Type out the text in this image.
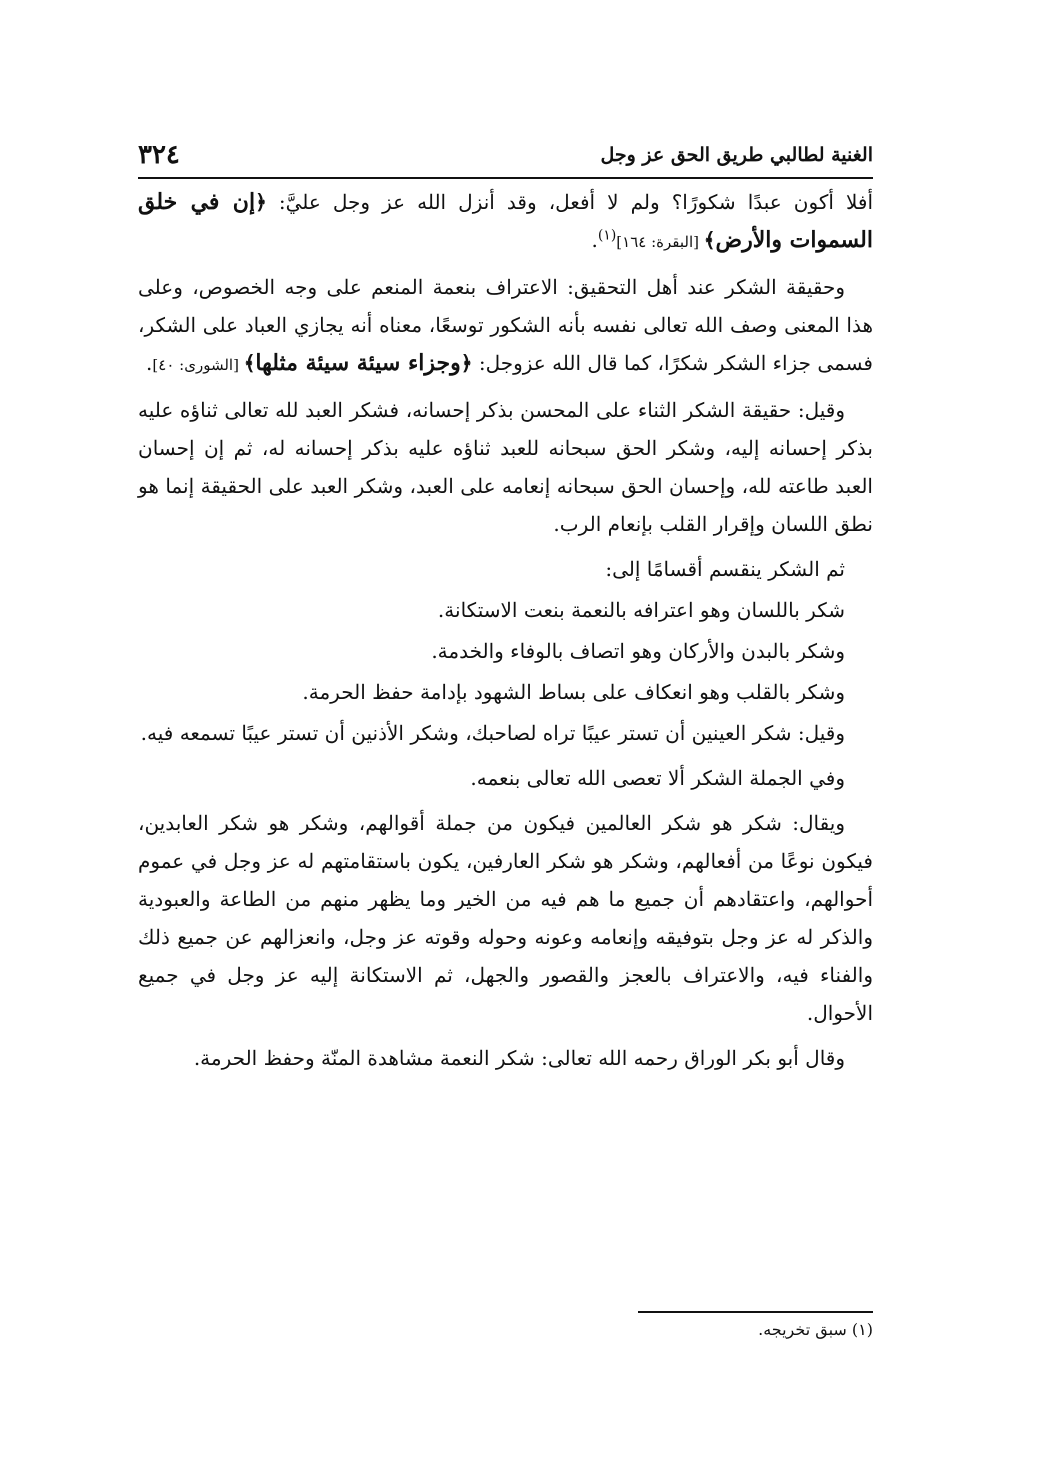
الغنية لطالبي طريق الحق عز وجل
٣٢٤

أفلا أكون عبدًا شكورًا؟ ولم لا أفعل، وقد أنزل الله عز وجل عليَّ: ﴿إن في خلق السموات والأرض﴾ [البقرة: ١٦٤]$^{(١)}$.

وحقيقة الشكر عند أهل التحقيق: الاعتراف بنعمة المنعم على وجه الخصوص، وعلى هذا المعنى وصف الله تعالى نفسه بأنه الشكور توسعًا، معناه أنه يجازي العباد على الشكر، فسمى جزاء الشكر شكرًا، كما قال الله عزوجل: ﴿وجزاء سيئة سيئة مثلها﴾ [الشورى: ٤٠].

وقيل: حقيقة الشكر الثناء على المحسن بذكر إحسانه، فشكر العبد لله تعالى ثناؤه عليه بذكر إحسانه إليه، وشكر الحق سبحانه للعبد ثناؤه عليه بذكر إحسانه له، ثم إن إحسان العبد طاعته لله، وإحسان الحق سبحانه إنعامه على العبد، وشكر العبد على الحقيقة إنما هو نطق اللسان وإقرار القلب بإنعام الرب.

ثم الشكر ينقسم أقسامًا إلى:

شكر باللسان وهو اعترافه بالنعمة بنعت الاستكانة.

وشكر بالبدن والأركان وهو اتصاف بالوفاء والخدمة.

وشكر بالقلب وهو انعكاف على بساط الشهود بإدامة حفظ الحرمة.

وقيل: شكر العينين أن تستر عيبًا تراه لصاحبك، وشكر الأذنين أن تستر عيبًا تسمعه فيه.

وفي الجملة الشكر ألا تعصى الله تعالى بنعمه.

ويقال: شكر هو شكر العالمين فيكون من جملة أقوالهم، وشكر هو شكر العابدين، فيكون نوعًا من أفعالهم، وشكر هو شكر العارفين، يكون باستقامتهم له عز وجل في عموم أحوالهم، واعتقادهم أن جميع ما هم فيه من الخير وما يظهر منهم من الطاعة والعبودية والذكر له عز وجل بتوفيقه وإنعامه وعونه وحوله وقوته عز وجل، وانعزالهم عن جميع ذلك والفناء فيه، والاعتراف بالعجز والقصور والجهل، ثم الاستكانة إليه عز وجل في جميع الأحوال.

وقال أبو بكر الوراق رحمه الله تعالى: شكر النعمة مشاهدة المنّة وحفظ الحرمة.

(١) سبق تخريجه.
